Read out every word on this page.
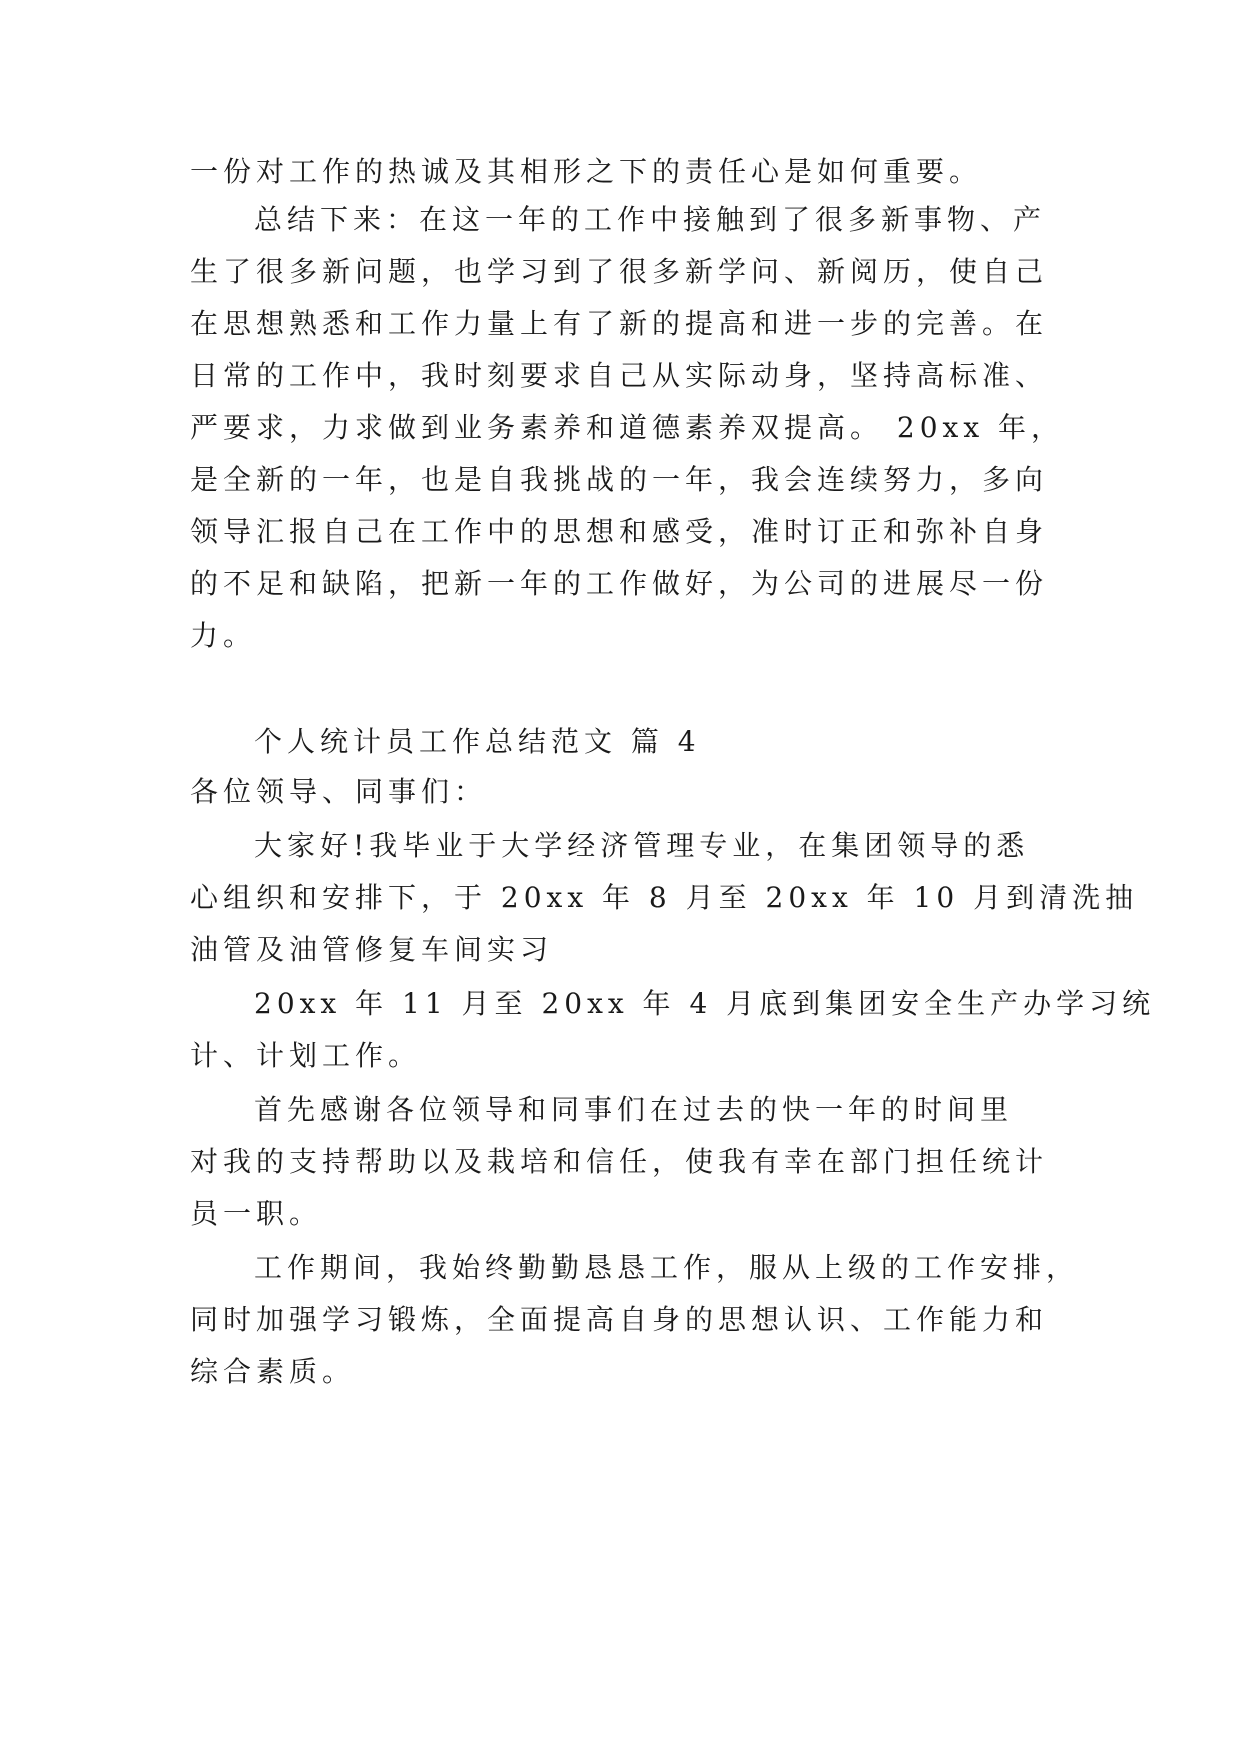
一份对工作的热诚及其相形之下的责任心是如何重要。
总结下来：在这一年的工作中接触到了很多新事物、产
生了很多新问题，也学习到了很多新学问、新阅历，使自己
在思想熟悉和工作力量上有了新的提高和进一步的完善。在
日常的工作中，我时刻要求自己从实际动身，坚持高标准、
严要求，力求做到业务素养和道德素养双提高。 20xx 年，
是全新的一年，也是自我挑战的一年，我会连续努力，多向
领导汇报自己在工作中的思想和感受，准时订正和弥补自身
的不足和缺陷，把新一年的工作做好，为公司的进展尽一份
力。
个人统计员工作总结范文 篇 4
各位领导、同事们：
大家好!我毕业于大学经济管理专业，在集团领导的悉
心组织和安排下，于 20xx 年 8 月至 20xx 年 10 月到清洗抽
油管及油管修复车间实习
20xx 年 11 月至 20xx 年 4 月底到集团安全生产办学习统
计、计划工作。
首先感谢各位领导和同事们在过去的快一年的时间里
对我的支持帮助以及栽培和信任，使我有幸在部门担任统计
员一职。
工作期间，我始终勤勤恳恳工作，服从上级的工作安排，
同时加强学习锻炼，全面提高自身的思想认识、工作能力和
综合素质。
